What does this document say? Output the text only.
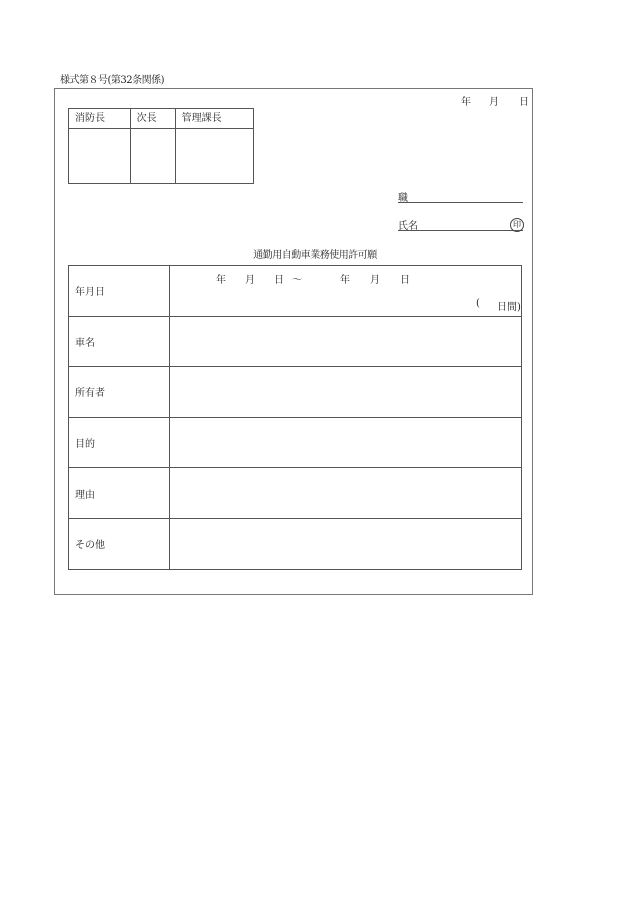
様式第８号(第32条関係)
年 月 日
消防長	次長	管理課長

職
氏名	印
通勤用自動車業務使用許可願
年月日	
年 月 日 ～	年 月 日
( 日間)

車名	
所有者	
目的	
理由	
その他	
